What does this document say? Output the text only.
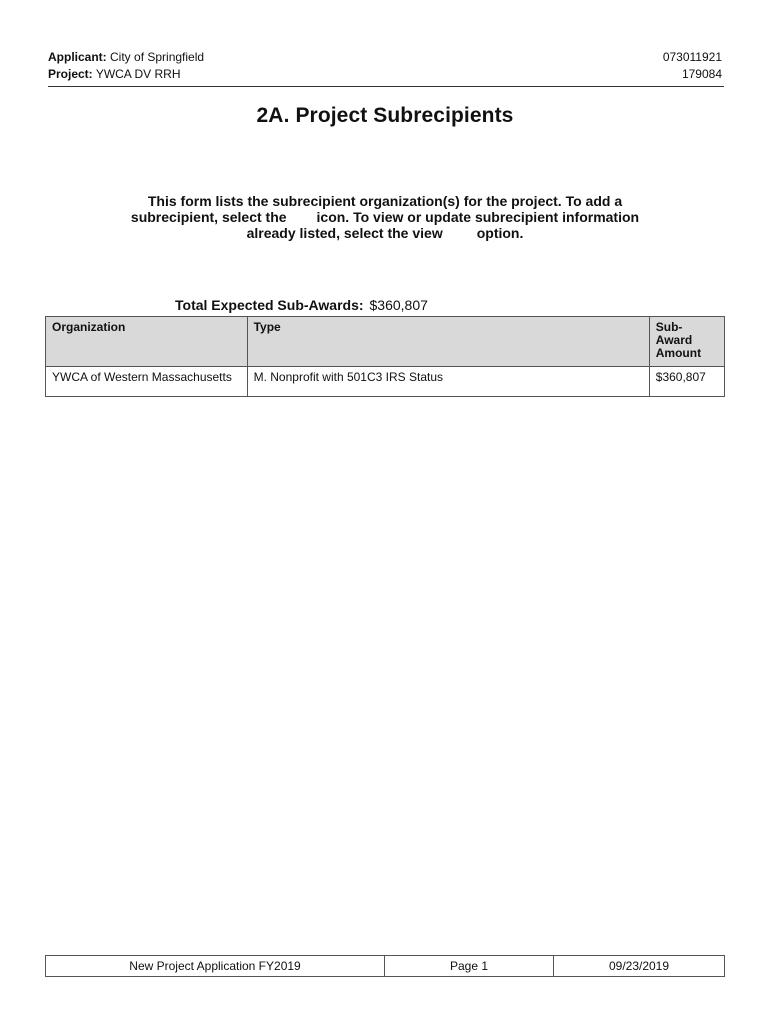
Applicant: City of Springfield	073011921
Project: YWCA DV RRH	179084
2A. Project Subrecipients
This form lists the subrecipient organization(s) for the project. To add a subrecipient, select the icon. To view or update subrecipient information already listed, select the view option.
Total Expected Sub-Awards: $360,807
Organization	Type	Sub-
Award
Amount
YWCA of Western Massachusetts	M. Nonprofit with 501C3 IRS Status	$360,807
New Project Application FY2019	Page 1	09/23/2019
